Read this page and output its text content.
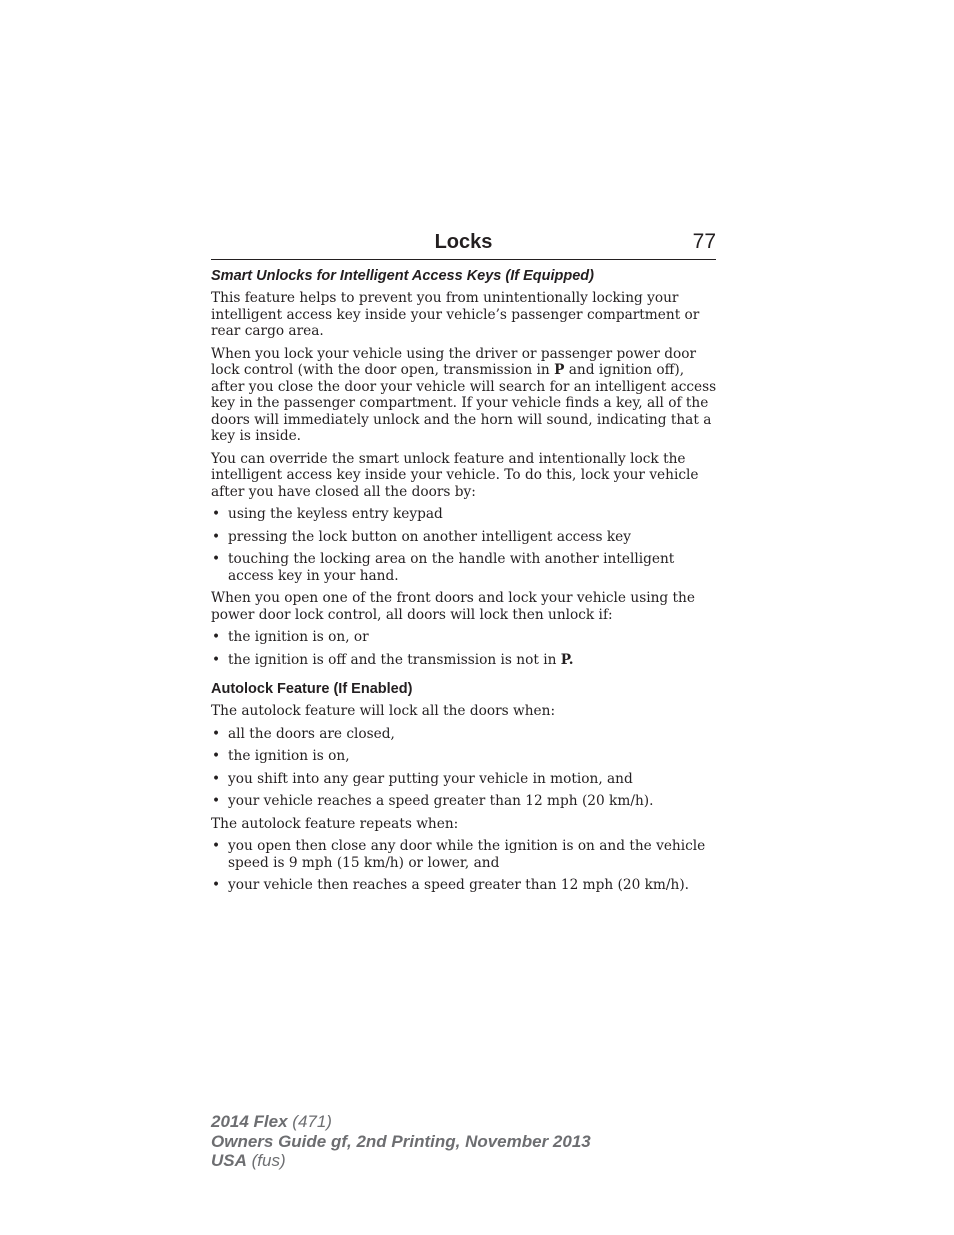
Locks	77
Smart Unlocks for Intelligent Access Keys (If Equipped)

This feature helps to prevent you from unintentionally locking your intelligent access key inside your vehicle’s passenger compartment or rear cargo area.

When you lock your vehicle using the driver or passenger power door lock control (with the door open, transmission in P and ignition off), after you close the door your vehicle will search for an intelligent access key in the passenger compartment. If your vehicle finds a key, all of the doors will immediately unlock and the horn will sound, indicating that a key is inside.

You can override the smart unlock feature and intentionally lock the intelligent access key inside your vehicle. To do this, lock your vehicle after you have closed all the doors by:

• using the keyless entry keypad
• pressing the lock button on another intelligent access key
• touching the locking area on the handle with another intelligent access key in your hand.

When you open one of the front doors and lock your vehicle using the power door lock control, all doors will lock then unlock if:

• the ignition is on, or
• the ignition is off and the transmission is not in P.
Autolock Feature (If Enabled)

The autolock feature will lock all the doors when:

• all the doors are closed,
• the ignition is on,
• you shift into any gear putting your vehicle in motion, and
• your vehicle reaches a speed greater than 12 mph (20 km/h).

The autolock feature repeats when:

• you open then close any door while the ignition is on and the vehicle speed is 9 mph (15 km/h) or lower, and
• your vehicle then reaches a speed greater than 12 mph (20 km/h).
2014 Flex (471)
Owners Guide gf, 2nd Printing, November 2013
USA (fus)
